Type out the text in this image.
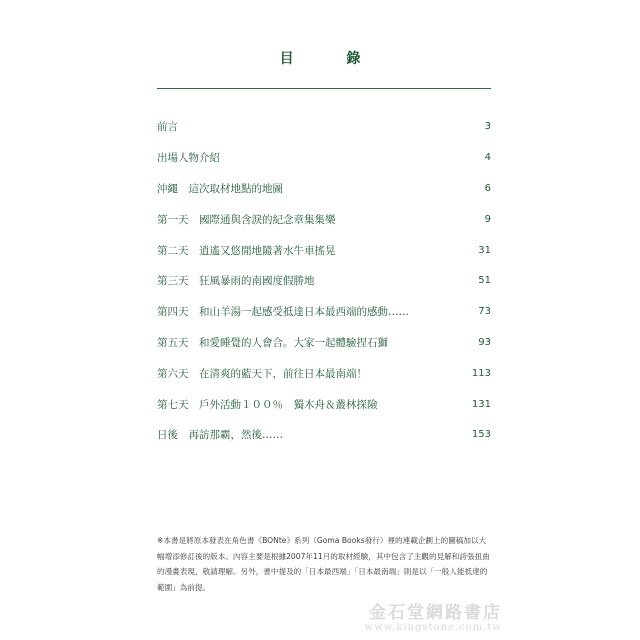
目 錄
前言	3
出場人物介紹	4
沖繩　這次取材地點的地圖	6
第一天　國際通與含淚的紀念章集集樂	9
第二天　逍遙又悠閒地隨著水牛車搖晃	31
第三天　狂風暴雨的南國度假勝地	51
第四天　和山羊湯一起感受抵達日本最西端的感動……	73
第五天　和愛睡覺的人會合。大家一起體驗捏石獅	93
第六天　在清爽的藍天下，前往日本最南端！	113
第七天　戶外活動１００％　獨木舟＆叢林探險	131
日後　再訪那霸，然後……	153

※本書是將原本發表在角色書《BONte》系列（Goma Books發行）裡的連載企劃上的圖稿加以大幅增添修訂後的版本。內容主要是根據2007年11月的取材經驗，其中包含了主觀的見解和誇張扭曲的漫畫表現，敬請理解。另外，書中提及的「日本最西端」「日本最南端」則是以「一般人能抵達的範圍」為前提。

金石堂網路書店
www.kingstone.com.tw
